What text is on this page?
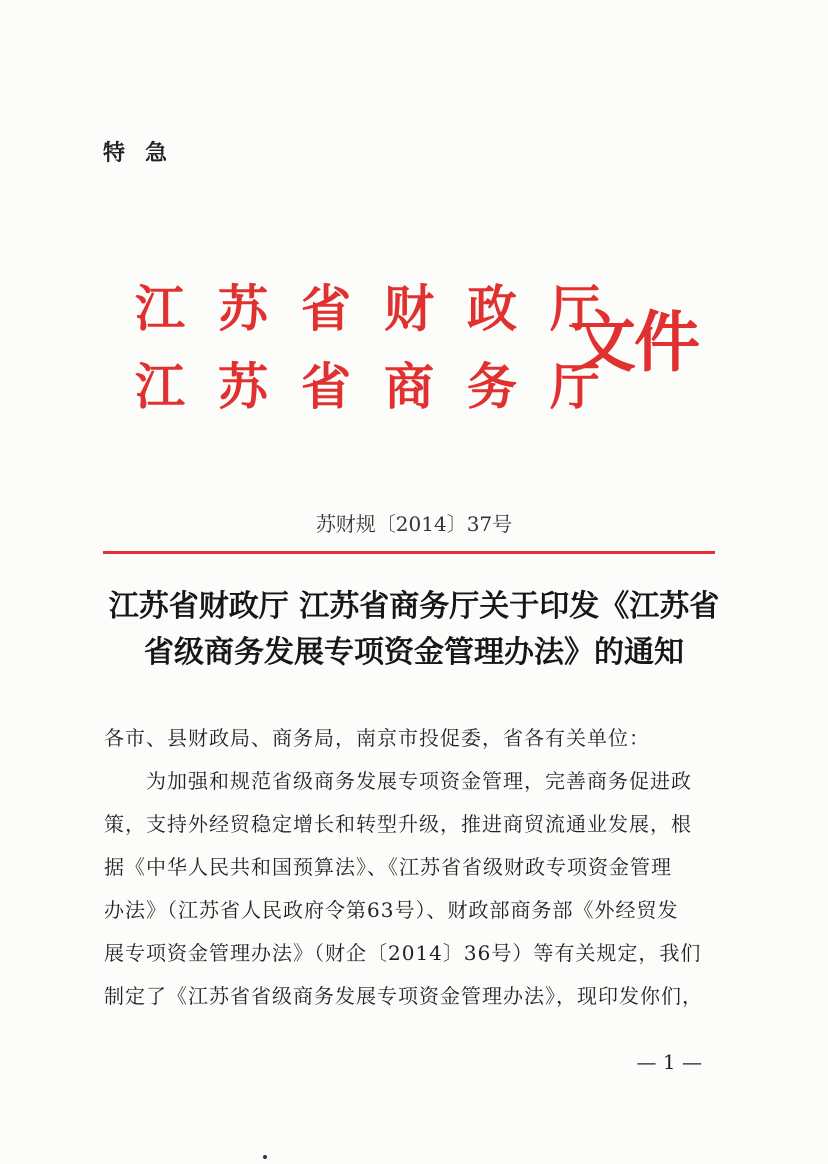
特急
江苏省财政厅
江苏省商务厅
文件
苏财规〔2014〕37号
江苏省财政厅 江苏省商务厅关于印发《江苏省
省级商务发展专项资金管理办法》的通知
各市、县财政局、商务局，南京市投促委，省各有关单位：
为加强和规范省级商务发展专项资金管理，完善商务促进政
策，支持外经贸稳定增长和转型升级，推进商贸流通业发展，根
据《中华人民共和国预算法》、《江苏省省级财政专项资金管理
办法》（江苏省人民政府令第63号）、财政部商务部《外经贸发
展专项资金管理办法》（财企〔2014〕36号）等有关规定，我们
制定了《江苏省省级商务发展专项资金管理办法》，现印发你们，
— 1 —
